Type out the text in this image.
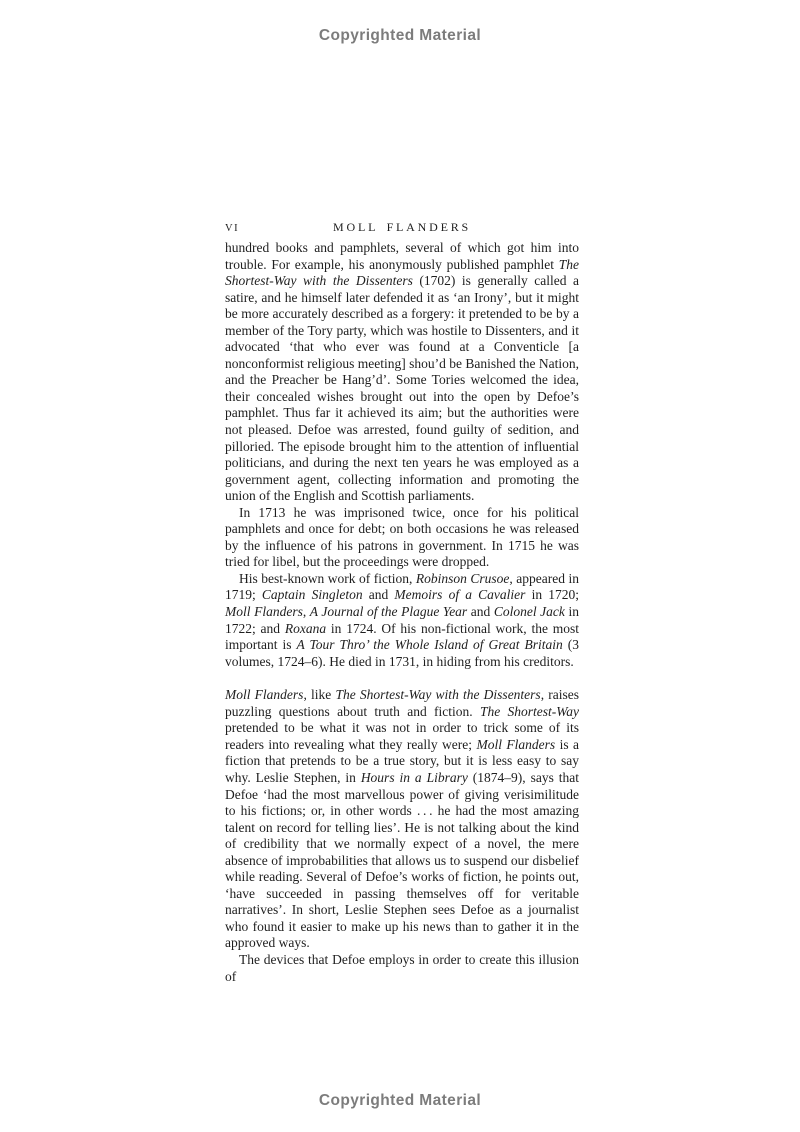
Copyrighted Material
VI	MOLL FLANDERS

hundred books and pamphlets, several of which got him into trouble. For example, his anonymously published pamphlet The Shortest-Way with the Dissenters (1702) is generally called a satire, and he himself later defended it as ‘an Irony’, but it might be more accurately described as a forgery: it pretended to be by a member of the Tory party, which was hostile to Dissenters, and it advocated ‘that who ever was found at a Conventicle [a nonconformist religious meeting] shou’d be Banished the Nation, and the Preacher be Hang’d’. Some Tories welcomed the idea, their concealed wishes brought out into the open by Defoe’s pamphlet. Thus far it achieved its aim; but the authorities were not pleased. Defoe was arrested, found guilty of sedition, and pilloried. The episode brought him to the attention of influential politicians, and during the next ten years he was employed as a government agent, collecting information and promoting the union of the English and Scottish parliaments.

In 1713 he was imprisoned twice, once for his political pamphlets and once for debt; on both occasions he was released by the influence of his patrons in government. In 1715 he was tried for libel, but the proceedings were dropped.

His best-known work of fiction, Robinson Crusoe, appeared in 1719; Captain Singleton and Memoirs of a Cavalier in 1720; Moll Flanders, A Journal of the Plague Year and Colonel Jack in 1722; and Roxana in 1724. Of his non-fictional work, the most important is A Tour Thro’ the Whole Island of Great Britain (3 volumes, 1724–6). He died in 1731, in hiding from his creditors.

Moll Flanders, like The Shortest-Way with the Dissenters, raises puzzling questions about truth and fiction. The Shortest-Way pretended to be what it was not in order to trick some of its readers into revealing what they really were; Moll Flanders is a fiction that pretends to be a true story, but it is less easy to say why. Leslie Stephen, in Hours in a Library (1874–9), says that Defoe ‘had the most marvellous power of giving verisimilitude to his fictions; or, in other words . . . he had the most amazing talent on record for telling lies’. He is not talking about the kind of credibility that we normally expect of a novel, the mere absence of improbabilities that allows us to suspend our disbelief while reading. Several of Defoe’s works of fiction, he points out, ‘have succeeded in passing themselves off for veritable narratives’. In short, Leslie Stephen sees Defoe as a journalist who found it easier to make up his news than to gather it in the approved ways.

The devices that Defoe employs in order to create this illusion of

Copyrighted Material
